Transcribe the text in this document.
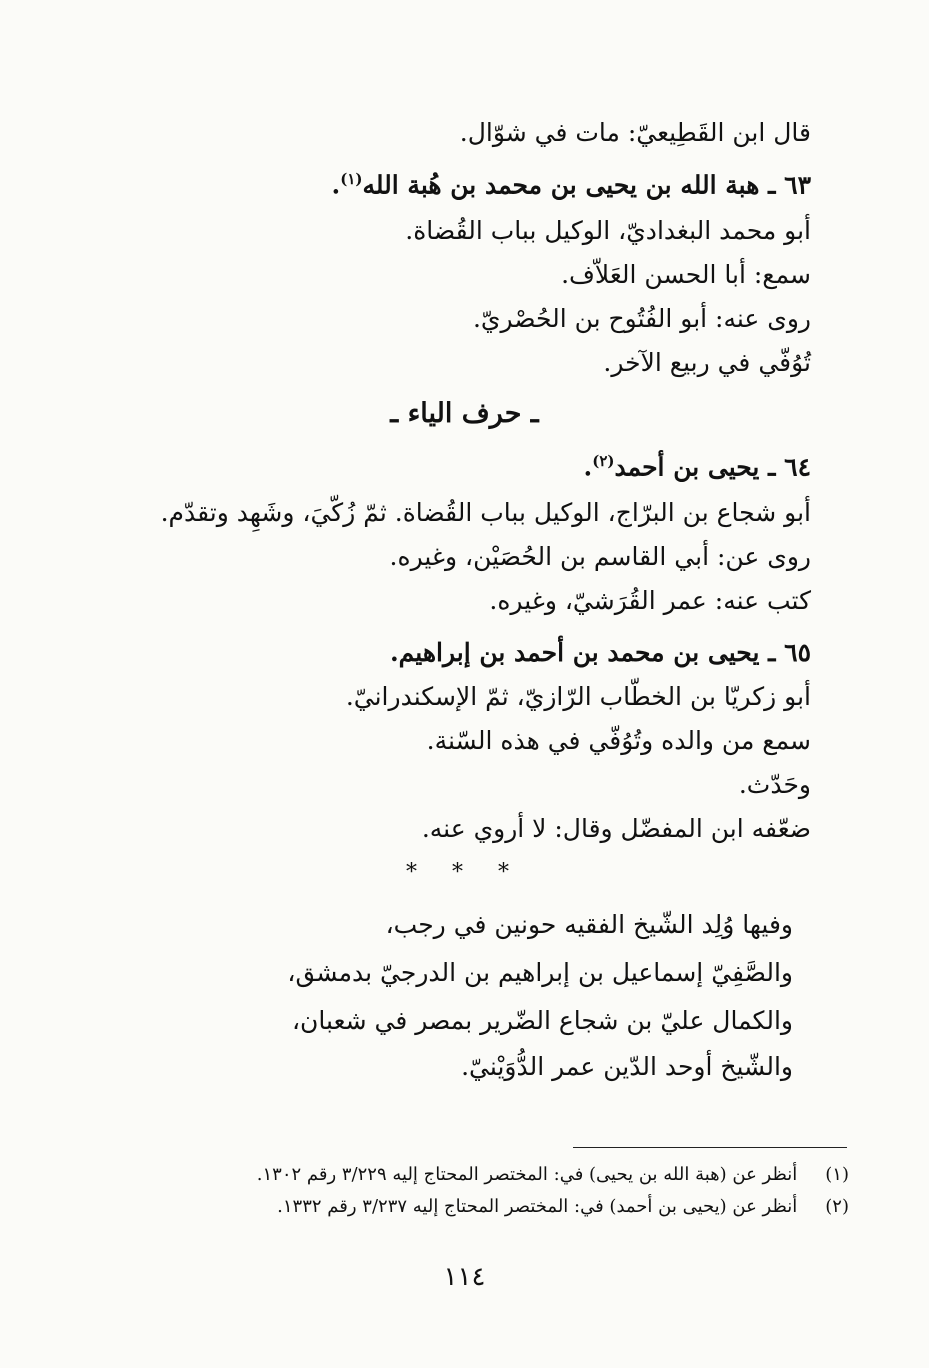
قال ابن القَطِيعيّ: مات في شوّال.
٦٣ ـ هبة الله بن يحيى بن محمد بن هُبة الله$^{(١)}$.
أبو محمد البغداديّ، الوكيل بباب القُضاة.
سمع: أبا الحسن العَلاّف.
روى عنه: أبو الفُتُوح بن الحُصْريّ.
تُوُفّي في ربيع الآخر.
ـ حرف الياء ـ
٦٤ ـ يحيى بن أحمد$^{(٢)}$.
أبو شجاع بن البرّاج، الوكيل بباب القُضاة. ثمّ زُكّيَ، وشَهِد وتقدّم.
روى عن: أبي القاسم بن الحُصَيْن، وغيره.
كتب عنه: عمر القُرَشيّ، وغيره.
٦٥ ـ يحيى بن محمد بن أحمد بن إبراهيم.
أبو زكريّا بن الخطّاب الرّازيّ، ثمّ الإسكندرانيّ.
سمع من والده وتُوُفّي في هذه السّنة.
وحَدّث.
ضعّفه ابن المفضّل وقال: لا أروي عنه.
* * *
وفيها وُلِد الشّيخ الفقيه حونين في رجب،
والصَّفِيّ إسماعيل بن إبراهيم بن الدرجيّ بدمشق،
والكمال عليّ بن شجاع الضّرير بمصر في شعبان،
والشّيخ أوحد الدّين عمر الدُّوَيْنيّ.
(١) أنظر عن (هبة الله بن يحيى) في: المختصر المحتاج إليه ٣/٢٢٩ رقم ١٣٠٢.
(٢) أنظر عن (يحيى بن أحمد) في: المختصر المحتاج إليه ٣/٢٣٧ رقم ١٣٣٢.
١١٤
